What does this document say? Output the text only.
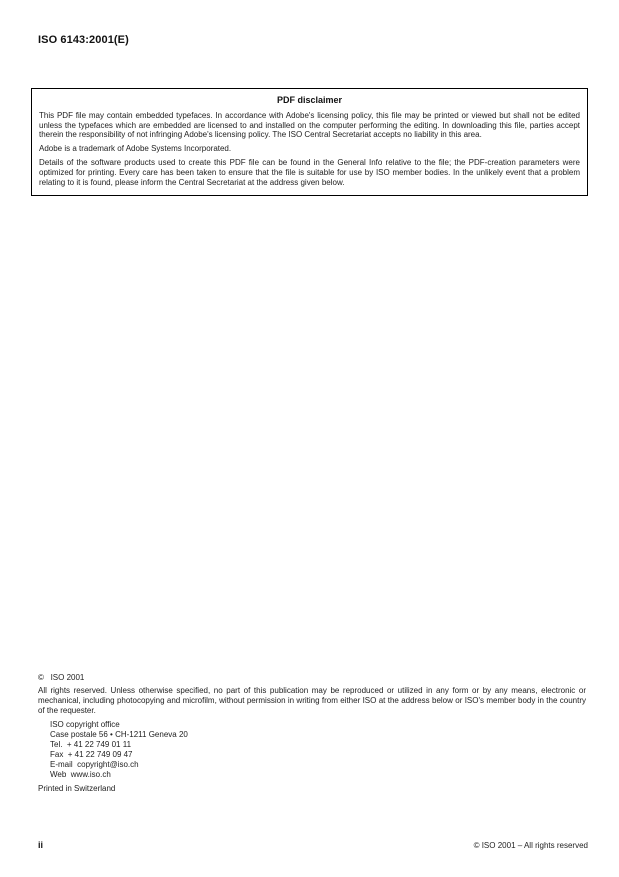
ISO 6143:2001(E)
PDF disclaimer

This PDF file may contain embedded typefaces. In accordance with Adobe's licensing policy, this file may be printed or viewed but shall not be edited unless the typefaces which are embedded are licensed to and installed on the computer performing the editing. In downloading this file, parties accept therein the responsibility of not infringing Adobe's licensing policy. The ISO Central Secretariat accepts no liability in this area.

Adobe is a trademark of Adobe Systems Incorporated.

Details of the software products used to create this PDF file can be found in the General Info relative to the file; the PDF-creation parameters were optimized for printing. Every care has been taken to ensure that the file is suitable for use by ISO member bodies. In the unlikely event that a problem relating to it is found, please inform the Central Secretariat at the address given below.

©   ISO 2001

All rights reserved. Unless otherwise specified, no part of this publication may be reproduced or utilized in any form or by any means, electronic or mechanical, including photocopying and microfilm, without permission in writing from either ISO at the address below or ISO's member body in the country of the requester.

ISO copyright office
Case postale 56 • CH-1211 Geneva 20
Tel.  + 41 22 749 01 11
Fax  + 41 22 749 09 47
E-mail  copyright@iso.ch
Web  www.iso.ch
Printed in Switzerland
ii	© ISO 2001 – All rights reserved
